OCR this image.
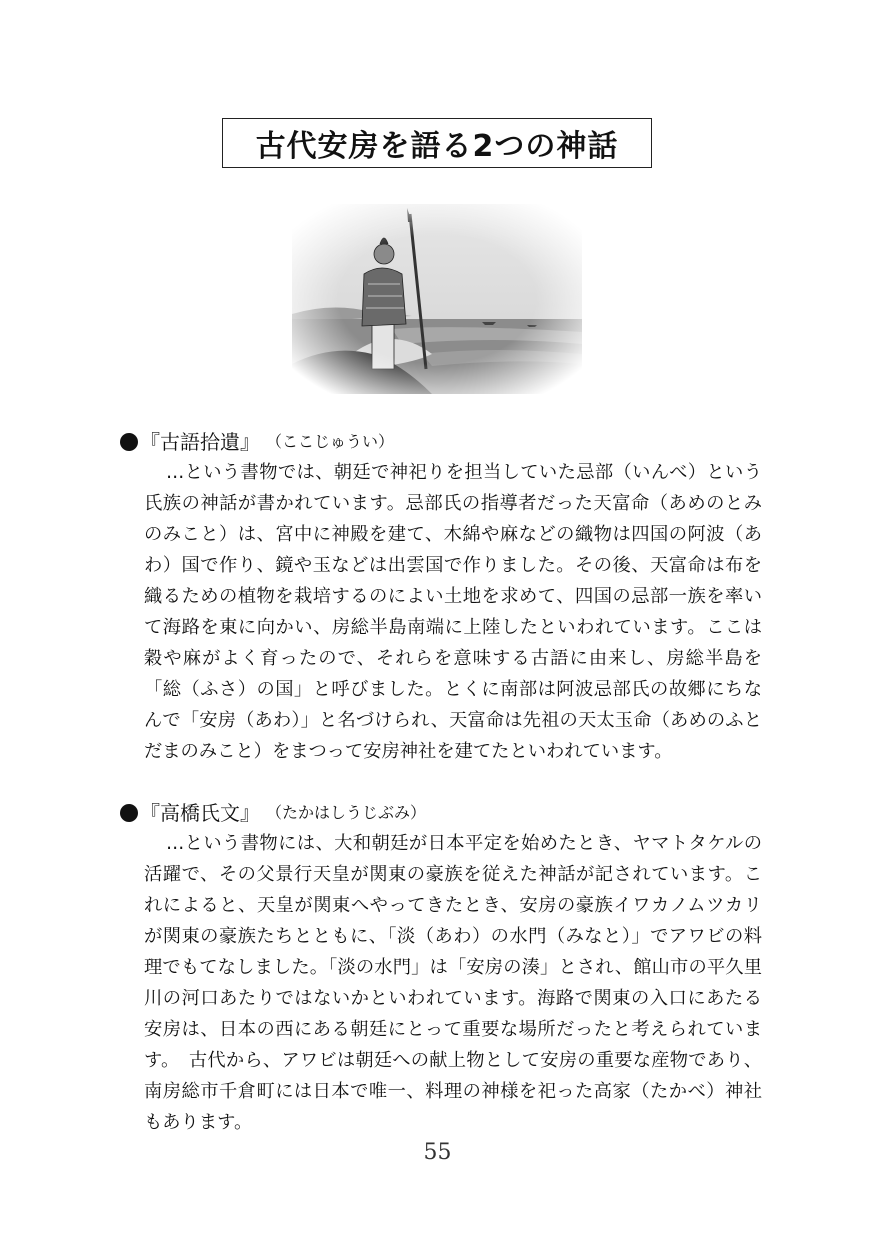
古代安房を語る2つの神話
『古語拾遺』 （ここじゅうい）

…という書物では、朝廷で神祀りを担当していた忌部（いんべ）という氏族の神話が書かれています。忌部氏の指導者だった天富命（あめのとみのみこと）は、宮中に神殿を建て、木綿や麻などの織物は四国の阿波（あわ）国で作り、鏡や玉などは出雲国で作りました。その後、天富命は布を織るための植物を栽培するのによい土地を求めて、四国の忌部一族を率いて海路を東に向かい、房総半島南端に上陸したといわれています。ここは穀や麻がよく育ったので、それらを意味する古語に由来し、房総半島を「総（ふさ）の国」と呼びました。とくに南部は阿波忌部氏の故郷にちなんで「安房（あわ）」と名づけられ、天富命は先祖の天太玉命（あめのふとだまのみこと）をまつって安房神社を建てたといわれています。

『高橋氏文』 （たかはしうじぶみ）

…という書物には、大和朝廷が日本平定を始めたとき、ヤマトタケルの活躍で、その父景行天皇が関東の豪族を従えた神話が記されています。これによると、天皇が関東へやってきたとき、安房の豪族イワカノムツカリが関東の豪族たちとともに、「淡（あわ）の水門（みなと）」でアワビの料理でもてなしました。「淡の水門」は「安房の湊」とされ、館山市の平久里川の河口あたりではないかといわれています。海路で関東の入口にあたる安房は、日本の西にある朝廷にとって重要な場所だったと考えられています。　古代から、アワビは朝廷への献上物として安房の重要な産物であり、南房総市千倉町には日本で唯一、料理の神様を祀った高家（たかべ）神社もあります。

55
